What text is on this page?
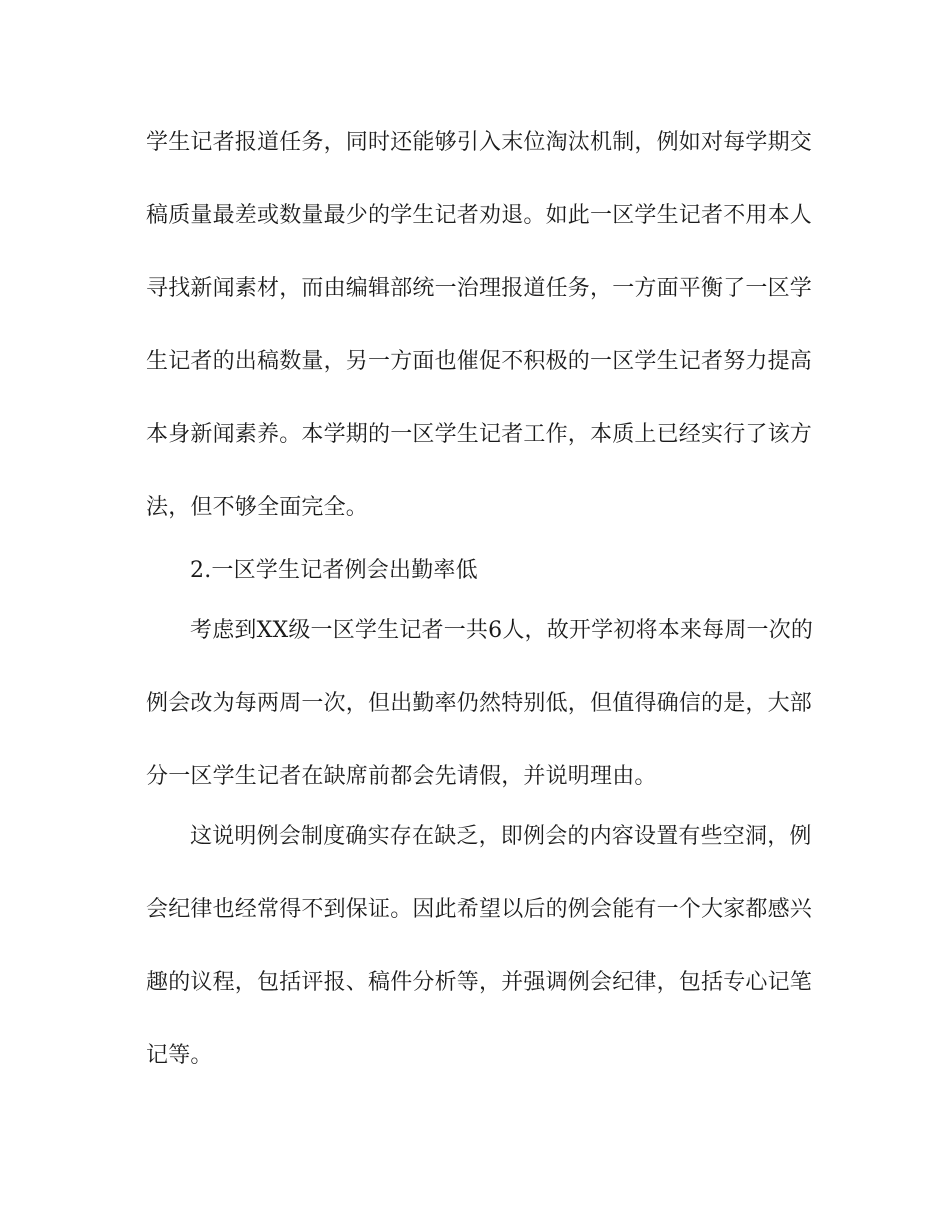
学生记者报道任务，同时还能够引入末位淘汰机制，例如对每学期交
稿质量最差或数量最少的学生记者劝退。如此一区学生记者不用本人
寻找新闻素材，而由编辑部统一治理报道任务，一方面平衡了一区学
生记者的出稿数量，另一方面也催促不积极的一区学生记者努力提高
本身新闻素养。本学期的一区学生记者工作，本质上已经实行了该方
法，但不够全面完全。
2.一区学生记者例会出勤率低
考虑到XX级一区学生记者一共6人，故开学初将本来每周一次的
例会改为每两周一次，但出勤率仍然特别低，但值得确信的是，大部
分一区学生记者在缺席前都会先请假，并说明理由。
这说明例会制度确实存在缺乏，即例会的内容设置有些空洞，例
会纪律也经常得不到保证。因此希望以后的例会能有一个大家都感兴
趣的议程，包括评报、稿件分析等，并强调例会纪律，包括专心记笔
记等。
